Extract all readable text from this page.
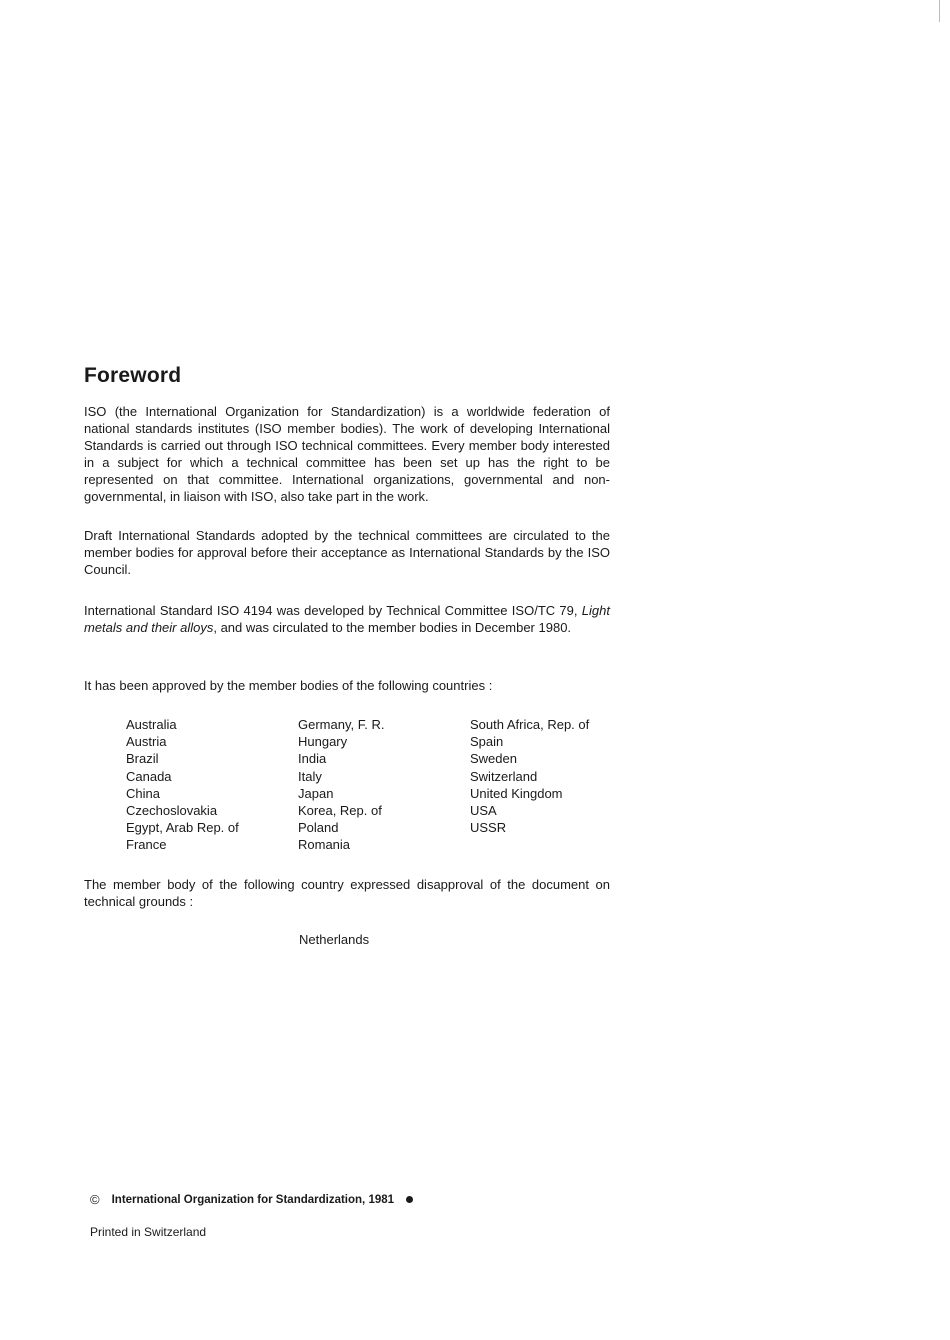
Foreword

ISO (the International Organization for Standardization) is a worldwide federation of national standards institutes (ISO member bodies). The work of developing International Standards is carried out through ISO technical committees. Every member body interested in a subject for which a technical committee has been set up has the right to be represented on that committee. International organizations, governmental and non-governmental, in liaison with ISO, also take part in the work.

Draft International Standards adopted by the technical committees are circulated to the member bodies for approval before their acceptance as International Standards by the ISO Council.

International Standard ISO 4194 was developed by Technical Committee ISO/TC 79, Light metals and their alloys, and was circulated to the member bodies in December 1980.

It has been approved by the member bodies of the following countries :

Australia
Austria
Brazil
Canada
China
Czechoslovakia
Egypt, Arab Rep. of
France
Germany, F. R.
Hungary
India
Italy
Japan
Korea, Rep. of
Poland
Romania
South Africa, Rep. of
Spain
Sweden
Switzerland
United Kingdom
USA
USSR

The member body of the following country expressed disapproval of the document on technical grounds :

Netherlands
© International Organization for Standardization, 1981
Printed in Switzerland
